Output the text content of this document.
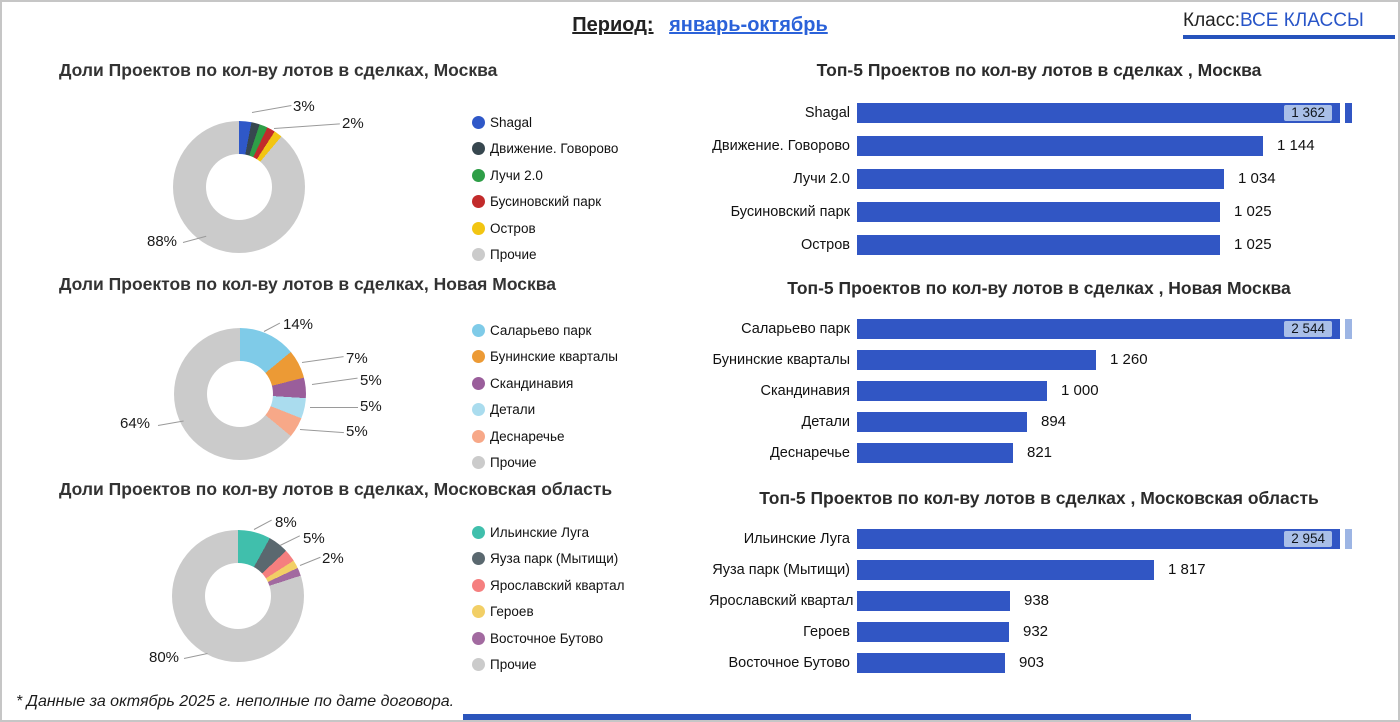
Период: январь-октябрь	Класс:ВСЕ КЛАССЫ
Доли Проектов по кол-ву лотов в сделках, Москва
Доли Проектов по кол-ву лотов в сделках, Новая Москва
Доли Проектов по кол-ву лотов в сделках, Московская область
Shagal
Движение. Говорово
Лучи 2.0
Бусиновский парк
Остров
Прочие
Саларьево парк
Бунинские кварталы
Скандинавия
Детали
Деснаречье
Прочие
Ильинские Луга
Яуза парк (Мытищи)
Ярославский квартал
Героев
Восточное Бутово
Прочие
Топ-5 Проектов по кол-ву лотов в сделках , Москва
Shagal	1 362
Движение. Говорово	1 144
Лучи 2.0	1 034
Бусиновский парк	1 025
Остров	1 025
Топ-5 Проектов по кол-ву лотов в сделках , Новая Москва
Саларьево парк	2 544
Бунинские кварталы	1 260
Скандинавия	1 000
Детали	894
Деснаречье	821
Топ-5 Проектов по кол-ву лотов в сделках , Московская область
Ильинские Луга	2 954
Яуза парк (Мытищи)	1 817
Ярославский квартал	938
Героев	932
Восточное Бутово	903
* Данные за октябрь 2025 г. неполные по дате договора.
3%
2%
88%
14%
7%
5%
5%
5%
64%
8%
5%
2%
80%
